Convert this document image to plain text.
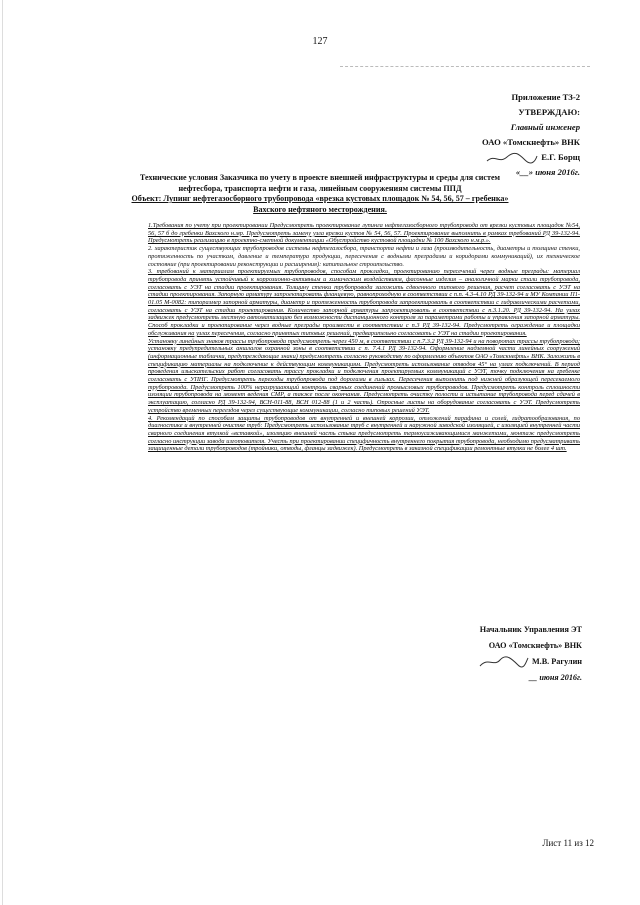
127
Приложение ТЗ-2
УТВЕРЖДАЮ:
Главный инженер
ОАО «Томскнефть» ВНК
Е.Г. Борщ
«__» июня 2016г.
Технические условия Заказчика по учету в проекте внешней инфраструктуры и среды для систем нефтесбора, транспорта нефти и газа, линейным сооружениям системы ППД
Объект: Лупинг нефтегазосборного трубопровода «врезка кустовых площадок № 54, 56, 57 – гребенка» Вахского нефтяного месторождения.

1.Требования по учету при проектировании Предусмотреть проектирование лупинга нефтегазосборного трубопровода от врезки кустовых площадок №54, 56, 57 б до гребенки Вахского н.мр. Предусмотреть замену узла врезки кустов № 54, 56, 57. Проектирование выполнить в рамках требований РД 39-132-94. Предусмотреть реализацию в проектно-сметной документации «Обустройство кустовой площадки № 100 Вахского н.м.р.».

2. характеристик существующих трубопроводов системы нефтегазосбора, транспорта нефти и газа (производительность, диаметры и толщина стенки, протяженность по участкам, давление и температура продукции, пересечения с водными преградами и коридорами коммуникаций), их техническое состояние (при проектировании реконструкции и расширения): капитальное строительство.

3. требований к материалам проектируемых трубопроводов, способам прокладки, проектированию пересечений через водные преграды: материал трубопровода принять устойчивый к коррозионно-активным и химическим воздействиям, фасонные изделия – аналогичной марки стали трубопровода, согласовать с УЭТ на стадии проектирования. Толщину стенки трубопровода заложить сдвоенного типового решения, расчет согласовать с УЭТ на стадии проектирования. Запорную арматуру запроектировать фланцевую, равнопроходную в соответствии с п.п. 4.3-4.10 РД 39-132-94 и МУ Компании П1-01.05 М-0082: типоразмер запорной арматуры, диаметр и протяженность трубопровода запроектировать в соответствии с гидравлическими расчетами, согласовать с УЭТ на стадии проектирования. Количество запорной арматуры запроектировать в соответствии с п.3.1.20. РД 39-132-94. На узлах задвижек предусмотреть местную автоматизацию без возможности дистанционного контроля за параметрами работы и управления запорной арматуры. Способ прокладки и проектирование через водные преграды произвести в соответствии с п.3 РД 39-132-94. Предусмотреть ограждение и площадки обслуживания на узлах пересечения, согласно принятых типовых решений, предварительно согласовать с УЭТ на стадии проектирования.

Установку линейных знаков трассы трубопровода предусмотреть через 450 м, в соответствии с п.7.3.2 РД 39-132-94 и на поворотах трассы трубопровода; установку предупредительных аншлагов охранной зоны в соответствии с п. 7.4.1 РД 39-132-94. Оформление надземной части линейных сооружений (информационные таблички, предупреждающие знаки) предусмотреть согласно руководству по оформлению объектов ОАО «Томскнефть» ВНК. Заложить в спецификацию материалы на подключение к действующим коммуникациям. Предусмотреть использование отводов 45° на узлах подключений. В период проведения изыскательских работ согласовать трассу прокладки и подключения проектируемых коммуникаций с УЭТ, точку подключения на гребенке согласовать с УПНГ. Предусмотреть переходы трубопровода под дорогами в гильзах. Пересечения выполнить под нижней образующей пересекаемого трубопровода. Предусмотреть 100% неразрушающий контроль сварных соединений промысловых трубопроводов. Предусмотреть контроль сплошности изоляции трубопровода на момент ведения СМР, а также после окончания. Предусмотреть очистку полости и испытание трубопровода перед сдачей в эксплуатацию, согласно РД 39-132-94, ВСН-011-88, ВСН 012-88 (1 и 2 часть). Опросные листы на оборудование согласовать с УЭТ. Предусмотреть устройство временных переездов через существующие коммуникации, согласно типовых решений УЭТ.

4. Рекомендаций по способам защиты трубопроводов от внутренней и внешней коррозии, отложений парафина и солей, гидратообразования, по диагностике и внутренней очистке труб: Предусмотреть использование труб с внутренней и наружной заводской изоляцией, с изоляцией внутренней части сварного соединения втулкой «вставкой», изоляцию внешней часть стыка предусмотреть термоусаживающимися манжетами, монтаж предусмотреть согласно инструкции завода изготовителя. Учесть при проектировании специфичность внутреннего покрытия трубопровода, необходимо предусматривать защищенные детали трубопроводов (тройники, отводы, фланцы задвижек). Предусмотреть в заказной спецификации ремонтные втулки не более 4 шт.

Начальник Управления ЭТ
ОАО «Томскнефть» ВНК
М.В. Рагулин
__ июня 2016г.
Лист 11 из 12
